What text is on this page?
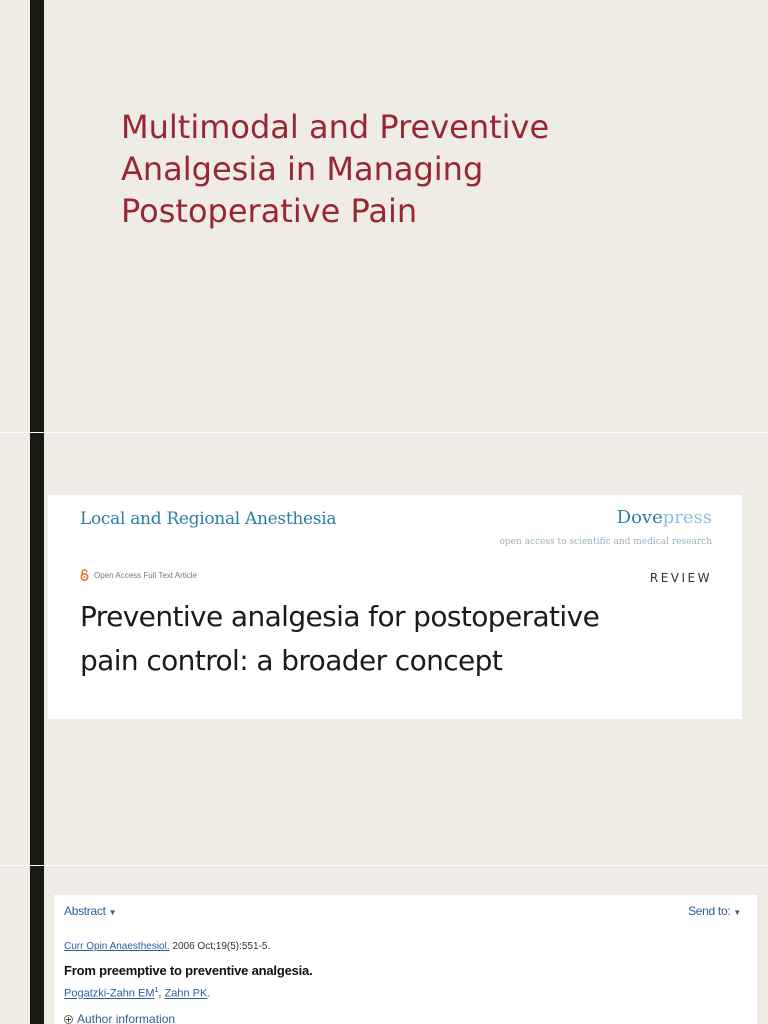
Multimodal and Preventive Analgesia in Managing Postoperative Pain
Local and Regional Anesthesia	Dovepress
open access to scientific and medical research
Open Access Full Text Article	REVIEW
Preventive analgesia for postoperative
pain control: a broader concept
Abstract ▼	Send to: ▼
Curr Opin Anaesthesiol. 2006 Oct;19(5):551-5.
From preemptive to preventive analgesia.
Pogatzki-Zahn $EM^1$, Zahn PK.
Author information
